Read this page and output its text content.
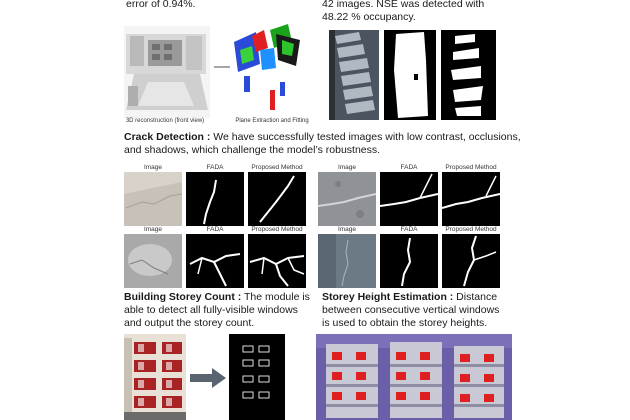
error of 0.94%.
3D reconstruction (front view)	Plane Extraction and Fitting
42 images. NSE was detected with
48.22 % occupancy.
Crack Detection : We have successfully tested images with low contrast, occlusions,
and shadows, which challenge the model’s robustness.
Image	FADA	Proposed Method	Image	FADA	Proposed Method
Image	FADA	Proposed Method	Image	FADA	Proposed Method
Building Storey Count : The module is
able to detect all fully-visible windows
and output the storey count.
Storey Height Estimation : Distance
between consecutive vertical windows
is used to obtain the storey heights.
